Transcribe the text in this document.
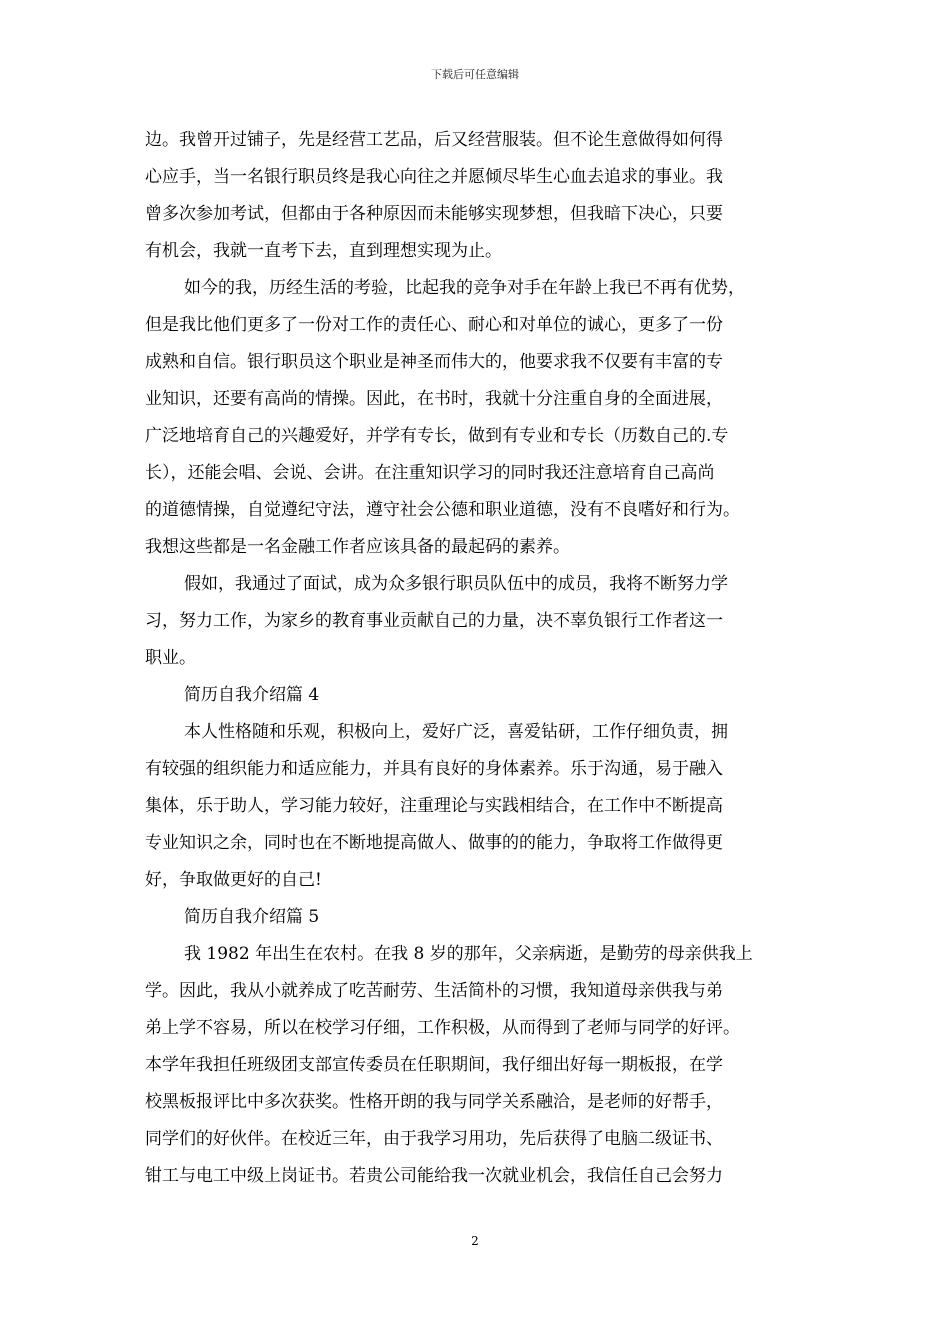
下载后可任意编辑
边。我曾开过铺子，先是经营工艺品，后又经营服装。但不论生意做得如何得
心应手，当一名银行职员终是我心向往之并愿倾尽毕生心血去追求的事业。我
曾多次参加考试，但都由于各种原因而未能够实现梦想，但我暗下决心，只要
有机会，我就一直考下去，直到理想实现为止。
如今的我，历经生活的考验，比起我的竞争对手在年龄上我已不再有优势，
但是我比他们更多了一份对工作的责任心、耐心和对单位的诚心，更多了一份
成熟和自信。银行职员这个职业是神圣而伟大的，他要求我不仅要有丰富的专
业知识，还要有高尚的情操。因此，在书时，我就十分注重自身的全面进展，
广泛地培育自己的兴趣爱好，并学有专长，做到有专业和专长（历数自己的.专
长），还能会唱、会说、会讲。在注重知识学习的同时我还注意培育自己高尚
的道德情操，自觉遵纪守法，遵守社会公德和职业道德，没有不良嗜好和行为。
我想这些都是一名金融工作者应该具备的最起码的素养。
假如，我通过了面试，成为众多银行职员队伍中的成员，我将不断努力学
习，努力工作，为家乡的教育事业贡献自己的力量，决不辜负银行工作者这一
职业。
简历自我介绍篇 4
本人性格随和乐观，积极向上，爱好广泛，喜爱钻研，工作仔细负责，拥
有较强的组织能力和适应能力，并具有良好的身体素养。乐于沟通，易于融入
集体，乐于助人，学习能力较好，注重理论与实践相结合，在工作中不断提高
专业知识之余，同时也在不断地提高做人、做事的的能力，争取将工作做得更
好，争取做更好的自己!
简历自我介绍篇 5
我 1982 年出生在农村。在我 8 岁的那年，父亲病逝，是勤劳的母亲供我上
学。因此，我从小就养成了吃苦耐劳、生活简朴的习惯，我知道母亲供我与弟
弟上学不容易，所以在校学习仔细，工作积极，从而得到了老师与同学的好评。
本学年我担任班级团支部宣传委员在任职期间，我仔细出好每一期板报，在学
校黑板报评比中多次获奖。性格开朗的我与同学关系融洽，是老师的好帮手，
同学们的好伙伴。在校近三年，由于我学习用功，先后获得了电脑二级证书、
钳工与电工中级上岗证书。若贵公司能给我一次就业机会，我信任自己会努力
2
